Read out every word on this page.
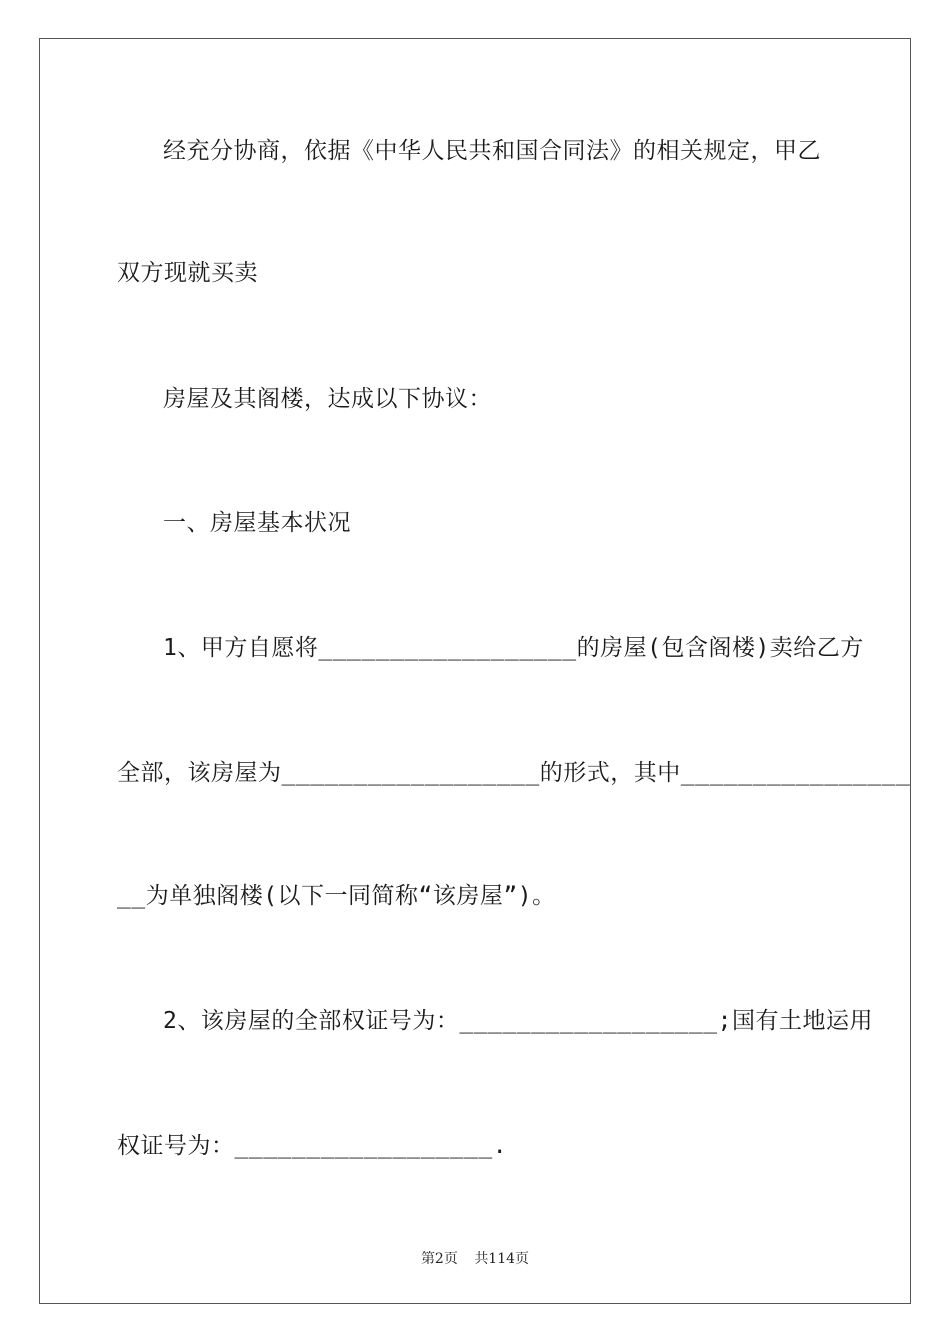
经充分协商，依据《中华人民共和国合同法》的相关规定，甲乙
双方现就买卖
房屋及其阁楼，达成以下协议：
一、房屋基本状况
1、甲方自愿将__________________的房屋(包含阁楼)卖给乙方
全部，该房屋为__________________的形式，其中________________
__为单独阁楼(以下一同简称“该房屋”)。
2、该房屋的全部权证号为：__________________;国有土地运用
权证号为：__________________.
第2页 共114页
